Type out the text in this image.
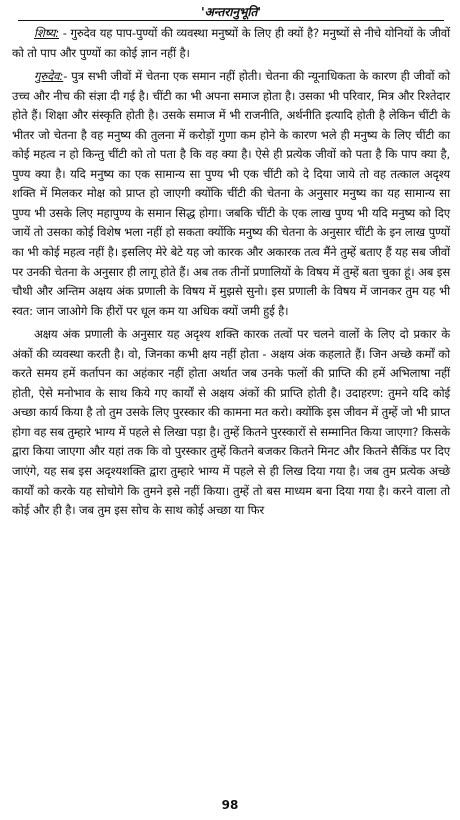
'अन्तरानुभूति'

शिष्य: - गुरुदेव यह पाप-पुण्यों की व्यवस्था मनुष्यों के लिए ही क्यों है? मनुष्यों से नीचे योनियों के जीवों को तो पाप और पुण्यों का कोई ज्ञान नहीं है।

गुरुदेव:- पुत्र सभी जीवों में चेतना एक समान नहीं होती। चेतना की न्यूनाधिकता के कारण ही जीवों को उच्च और नीच की संज्ञा दी गई है। चींटी का भी अपना समाज होता है। उसका भी परिवार, मित्र और रिश्तेदार होते हैं। शिक्षा और संस्कृति होती है। उसके समाज में भी राजनीति, अर्थनीति इत्यादि होती है लेकिन चींटी के भीतर जो चेतना है वह मनुष्य की तुलना में करोड़ों गुणा कम होने के कारण भले ही मनुष्य के लिए चींटी का कोई महत्व न हो किन्तु चींटी को तो पता है कि वह क्या है। ऐसे ही प्रत्येक जीवों को पता है कि पाप क्या है, पुण्य क्या है। यदि मनुष्य का एक सामान्य सा पुण्य भी एक चींटी को दे दिया जाये तो वह तत्काल अदृश्य शक्ति में मिलकर मोक्ष को प्राप्त हो जाएगी क्योंकि चींटी की चेतना के अनुसार मनुष्य का यह सामान्य सा पुण्य भी उसके लिए महापुण्य के समान सिद्ध होगा। जबकि चींटी के एक लाख पुण्य भी यदि मनुष्य को दिए जायें तो उसका कोई विशेष भला नहीं हो सकता क्योंकि मनुष्य की चेतना के अनुसार चींटी के इन लाख पुण्यों का भी कोई महत्व नहीं है। इसलिए मेरे बेटे यह जो कारक और अकारक तत्व मैंने तुम्हें बताए हैं यह सब जीवों पर उनकी चेतना के अनुसार ही लागू होते हैं। अब तक तीनों प्रणालियों के विषय में तुम्हें बता चुका हूं। अब इस चौथी और अन्तिम अक्षय अंक प्रणाली के विषय में मुझसे सुनो। इस प्रणाली के विषय में जानकर तुम यह भी स्वत: जान जाओगे कि हीरों पर धूल कम या अधिक क्यों जमी हुई है।

अक्षय अंक प्रणाली के अनुसार यह अदृश्य शक्ति कारक तत्वों पर चलने वालों के लिए दो प्रकार के अंकों की व्यवस्था करती है। वो, जिनका कभी क्षय नहीं होता - अक्षय अंक कहलाते हैं। जिन अच्छे कर्मों को करते समय हमें कर्तापन का अहंकार नहीं होता अर्थात जब उनके फलों की प्राप्ति की हमें अभिलाषा नहीं होती, ऐसे मनोभाव के साथ किये गए कार्यों से अक्षय अंकों की प्राप्ति होती है। उदाहरण: तुमने यदि कोई अच्छा कार्य किया है तो तुम उसके लिए पुरस्कार की कामना मत करो। क्योंकि इस जीवन में तुम्हें जो भी प्राप्त होगा वह सब तुम्हारे भाग्य में पहले से लिखा पड़ा है। तुम्हें कितने पुरस्कारों से सम्मानित किया जाएगा? किसके द्वारा किया जाएगा और यहां तक कि वो पुरस्कार तुम्हें कितने बजकर कितने मिनट और कितने सैकिंड पर दिए जाएंगे, यह सब इस अदृश्यशक्ति द्वारा तुम्हारे भाग्य में पहले से ही लिख दिया गया है। जब तुम प्रत्येक अच्छे कार्यों को करके यह सोचोगे कि तुमने इसे नहीं किया। तुम्हें तो बस माध्यम बना दिया गया है। करने वाला तो कोई और ही है। जब तुम इस सोच के साथ कोई अच्छा या फिर

98
